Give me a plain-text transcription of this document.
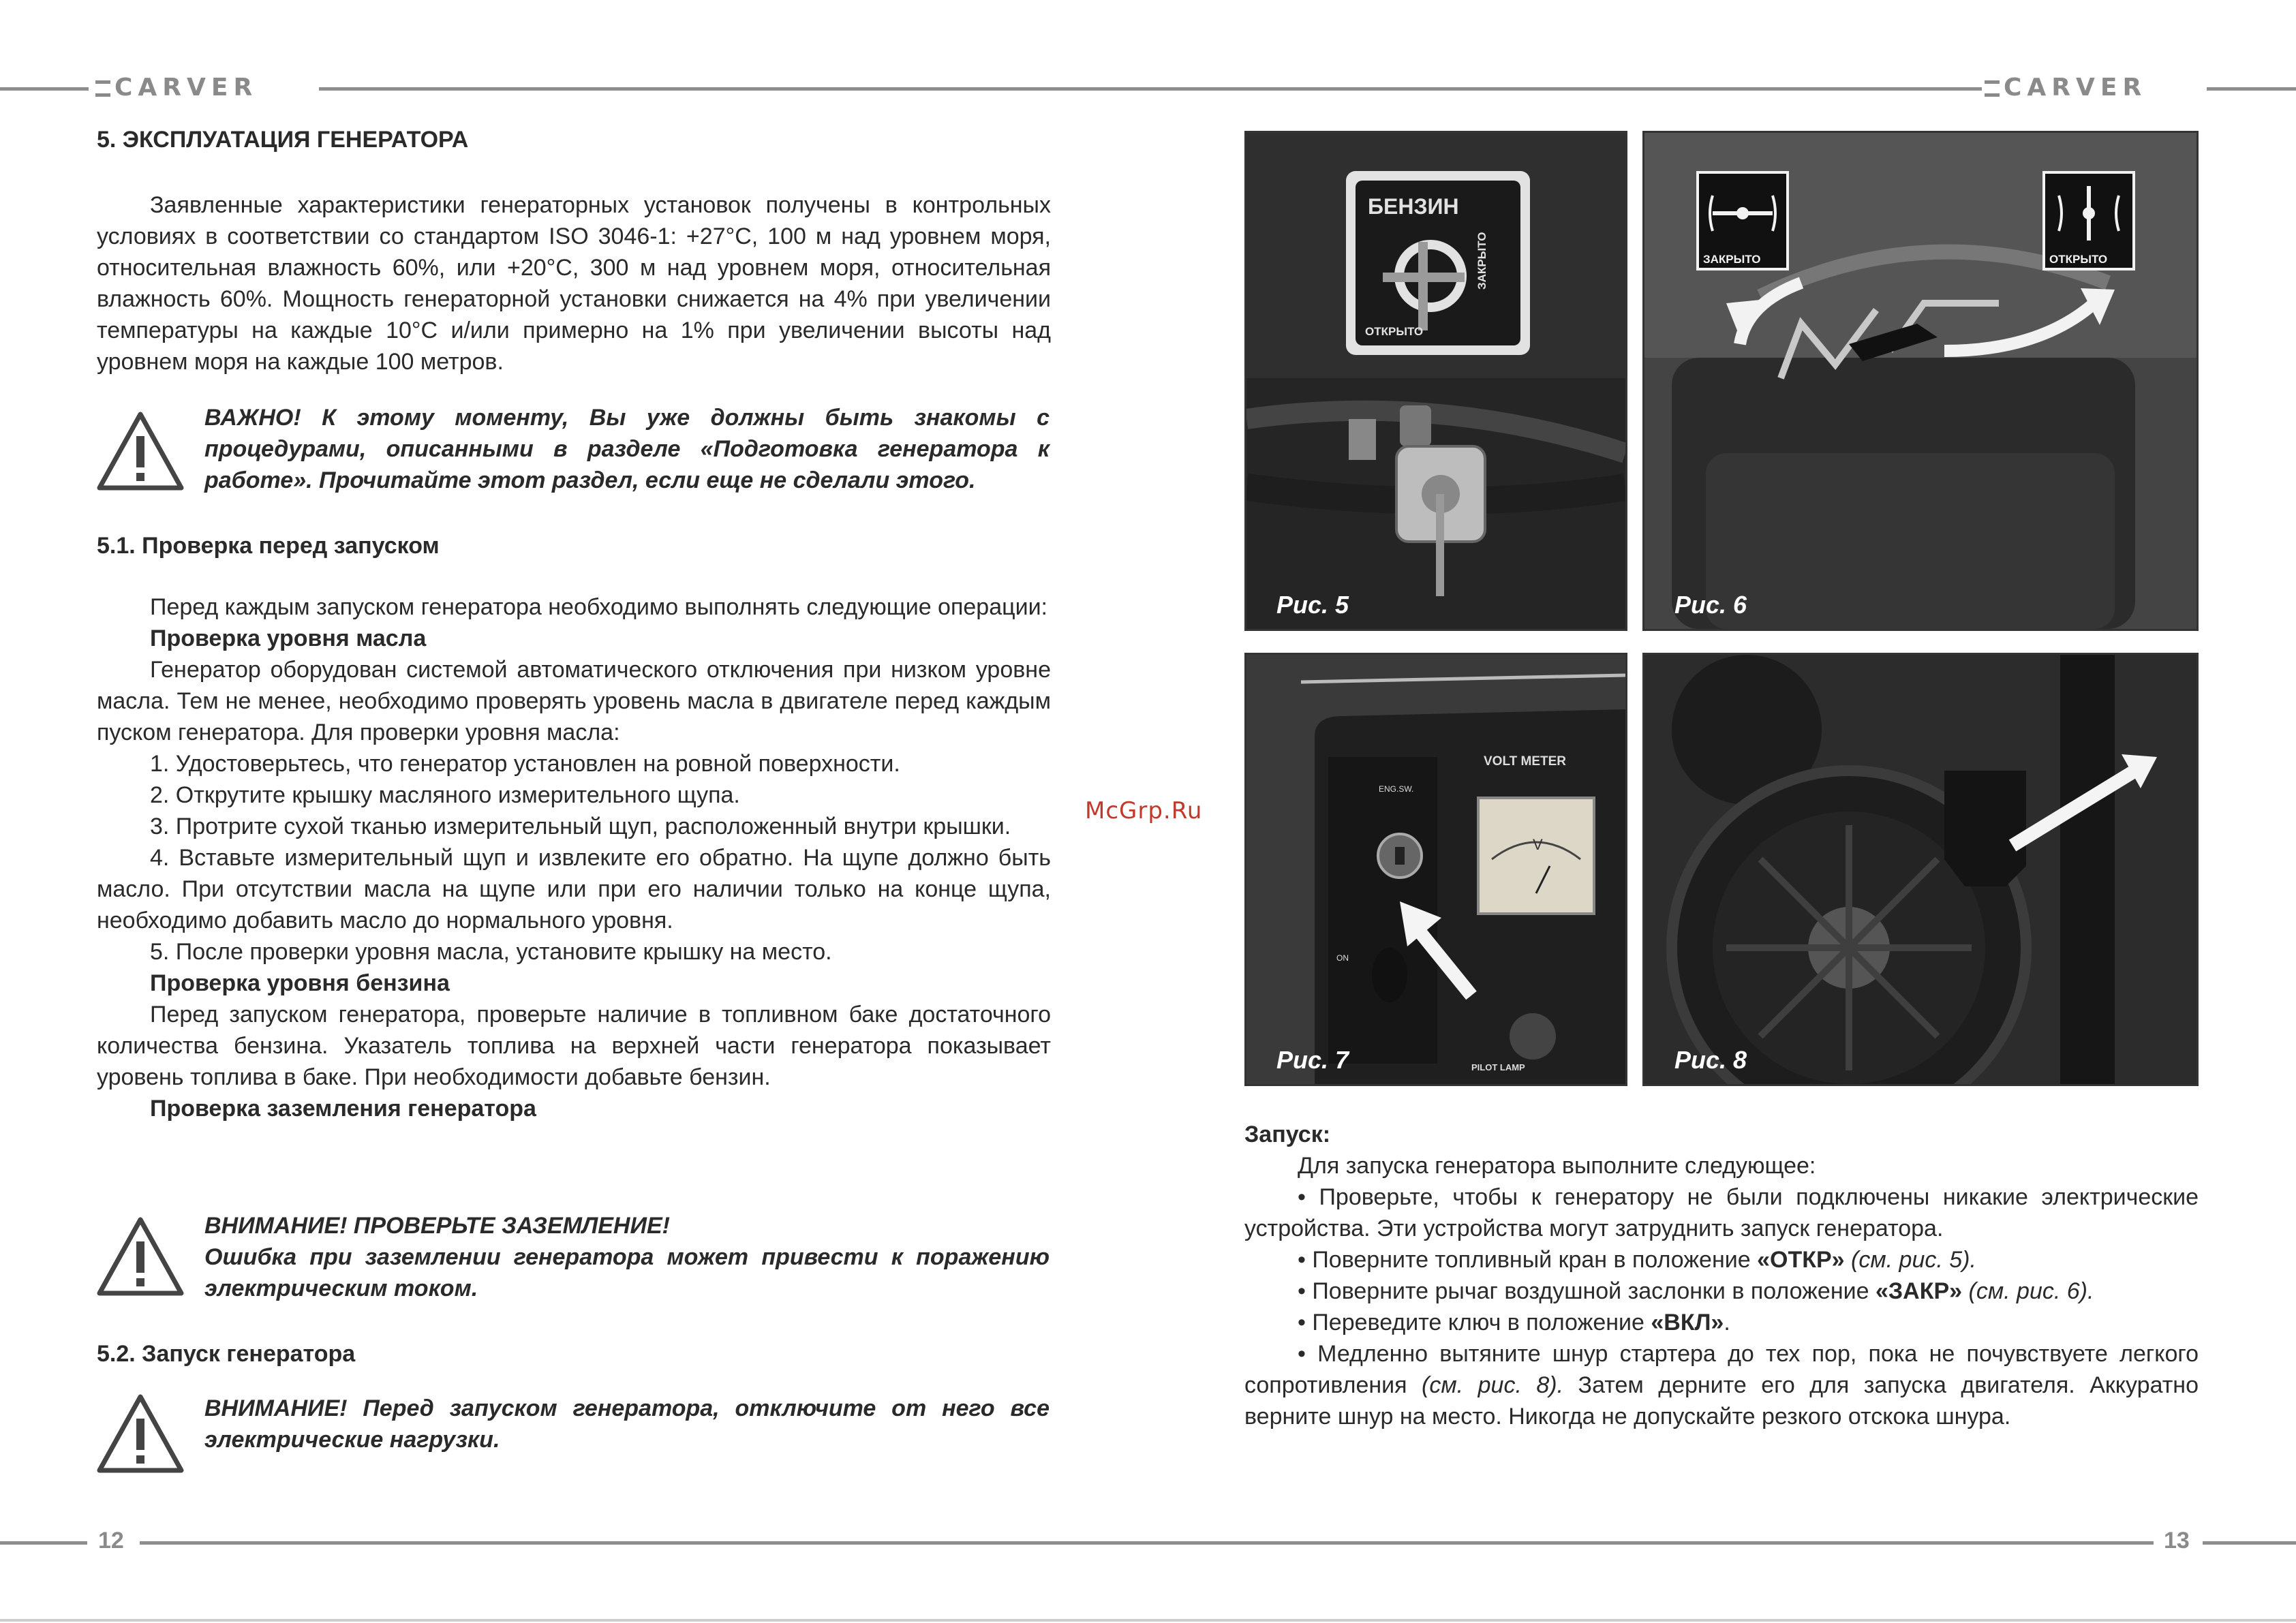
CARVER	CARVER
12	13

5. ЭКСПЛУАТАЦИЯ ГЕНЕРАТОРА

Заявленные характеристики генераторных установок получены в контрольных условиях в соответствии со стандартом ISO 3046-1: +27°С, 100 м над уровнем моря, относительная влажность 60%, или +20°С, 300 м над уровнем моря, относительная влажность 60%. Мощность генераторной установки снижается на 4% при увеличении температуры на каждые 10°С и/или примерно на 1% при увеличении высоты над уровнем моря на каждые 100 метров.

ВАЖНО! К этому моменту, Вы уже должны быть знакомы с процедурами, описанными в разделе «Подготовка генератора к работе». Прочитайте этот раздел, если еще не сделали этого.

5.1. Проверка перед запуском

Перед каждым запуском генератора необходимо выполнять следующие операции:

Проверка уровня масла

Генератор оборудован системой автоматического отключения при низком уровне масла. Тем не менее, необходимо проверять уровень масла в двигателе перед каждым пуском генератора. Для проверки уровня масла:

1. Удостоверьтесь, что генератор установлен на ровной поверхности.

2. Открутите крышку масляного измерительного щупа.

3. Протрите сухой тканью измерительный щуп, расположенный внутри крышки.

4. Вставьте измерительный щуп и извлеките его обратно. На щупе должно быть масло. При отсутствии масла на щупе или при его наличии только на конце щупа, необходимо добавить масло до нормального уровня.

5. После проверки уровня масла, установите крышку на место.

Проверка уровня бензина

Перед запуском генератора, проверьте наличие в топливном баке достаточного количества бензина. Указатель топлива на верхней части генератора показывает уровень топлива в баке. При необходимости добавьте бензин.

Проверка заземления генератора

ВНИМАНИЕ! ПРОВЕРЬТЕ ЗАЗЕМЛЕНИЕ!
Ошибка при заземлении генератора может привести к поражению электрическим током.

5.2. Запуск генератора

ВНИМАНИЕ! Перед запуском генератора, отключите от него все электрические нагрузки.
McGrp.Ru
БЕНЗИН
ОТКРЫТО
ЗАКРЫТО
Рис. 5
ЗАКРЫТО	ОТКРЫТО
Рис. 6
VOLT METER
ENG.SW.
ON
V
PILOT LAMP
Рис. 7	Рис. 8

Запуск:

Для запуска генератора выполните следующее:

• Проверьте, чтобы к генератору не были подключены никакие электрические устройства. Эти устройства могут затруднить запуск генератора.

• Поверните топливный кран в положение «ОТКР» (см. рис. 5).

• Поверните рычаг воздушной заслонки в положение «ЗАКР» (см. рис. 6).

• Переведите ключ в положение «ВКЛ».

• Медленно вытяните шнур стартера до тех пор, пока не почувствуете легкого сопротивления (см. рис. 8). Затем дерните его для запуска двигателя. Аккуратно верните шнур на место. Никогда не допускайте резкого отскока шнура.
